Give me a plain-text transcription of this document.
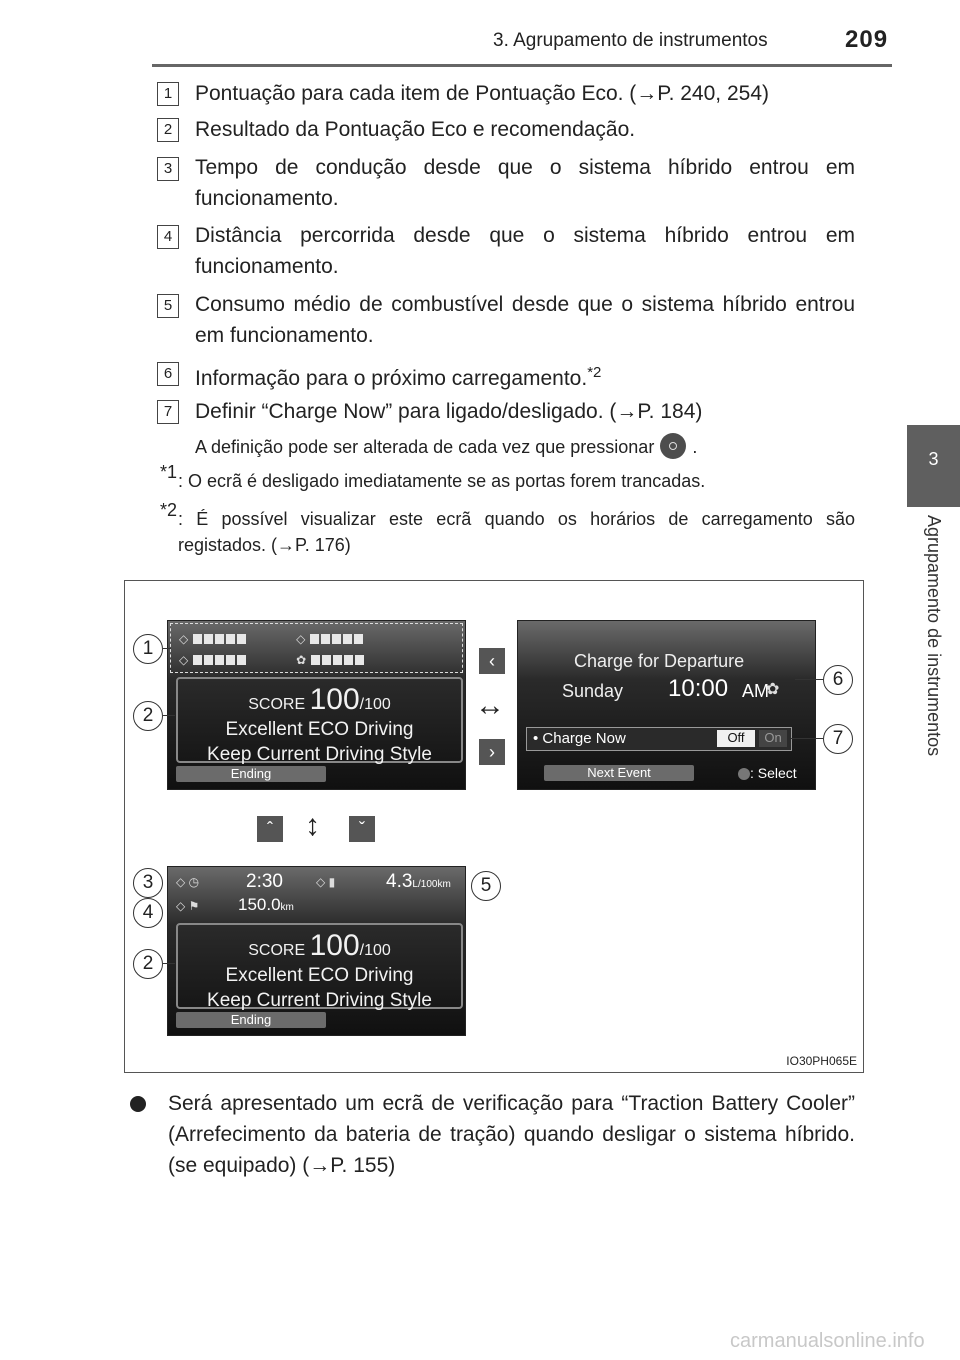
3. Agrupamento de instrumentos	209
3
Agrupamento de instrumentos
1	Pontuação para cada item de Pontuação Eco. (→P. 240, 254)
2	Resultado da Pontuação Eco e recomendação.
3	Tempo de condução desde que o sistema híbrido entrou em funcionamento.
4	Distância percorrida desde que o sistema híbrido entrou em funcionamento.
5	Consumo médio de combustível desde que o sistema híbrido entrou em funcionamento.
6	Informação para o próximo carregamento.$^{*2}$
7	Definir “Charge Now” para ligado/desligado. (→P. 184)
A definição pode ser alterada de cada vez que pressionar .
*1 : O ecrã é desligado imediatamente se as portas forem trancadas.
*2 : É possível visualizar este ecrã quando os horários de carregamento são registados. (→P. 176)
◇	◇
◇	✿
SCORE 100/100
Excellent ECO Driving
Keep Current Driving Style
Ending
Charge for Departure
Sunday 10:00 AM
✿
• Charge Now	Off	On
Next Event	: Select
◇ ◷ 2:30	◇ ▮	4.3L/100km
◇ ⚑ 150.0km
SCORE 100/100
Excellent ECO Driving
Keep Current Driving Style
Ending
‹
↔
›
ˆ	↕	ˇ
1
2
6
7
3
4
5
2
IO30PH065E
Será apresentado um ecrã de verificação para “Traction Battery Cooler” (Arrefecimento da bateria de tração) quando desligar o sistema híbrido. (se equipado) (→P. 155)
carmanualsonline.info
